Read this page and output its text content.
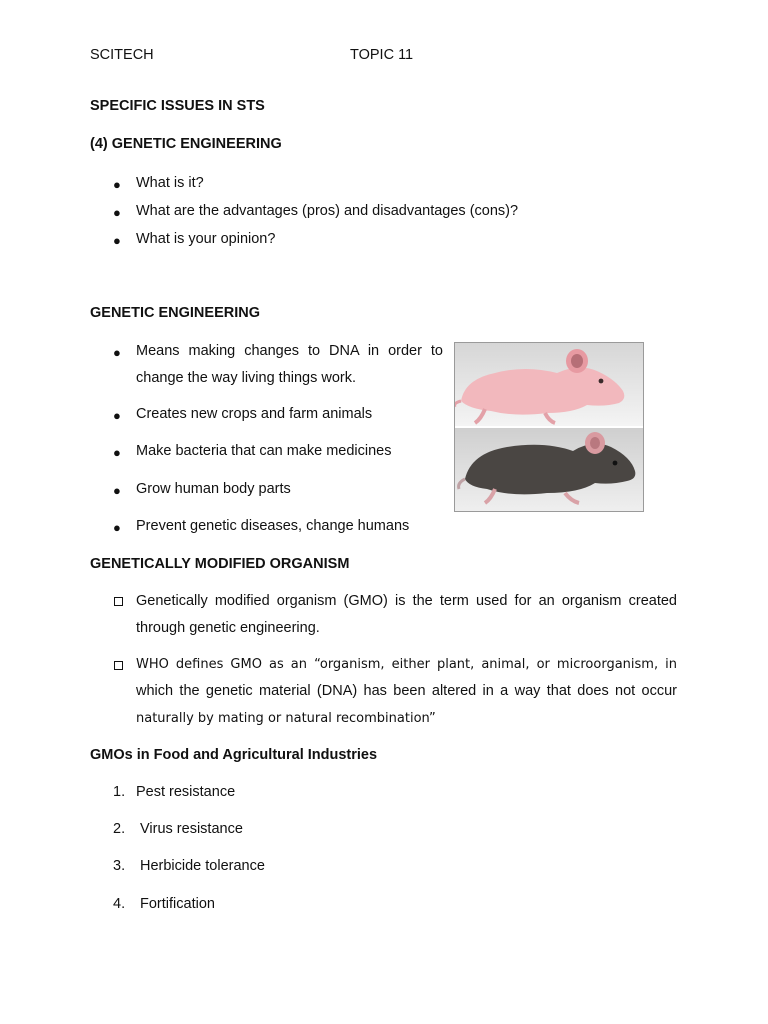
SCITECH	TOPIC 11
SPECIFIC ISSUES IN STS
(4) GENETIC ENGINEERING
● What is it?
● What are the advantages (pros) and disadvantages (cons)?
● What is your opinion?
GENETIC ENGINEERING
● Means making changes to DNA in order to
change the way living things work.
● Creates new crops and farm animals
● Make bacteria that can make medicines
● Grow human body parts
● Prevent genetic diseases, change humans
GENETICALLY MODIFIED ORGANISM
Genetically modified organism (GMO) is the term used for an organism created
through genetic engineering.
WHO defines GMO as an “organism, either plant, animal, or microorganism, in
which the genetic material (DNA) has been altered in a way that does not occur
naturally by mating or natural recombination”
GMOs in Food and Agricultural Industries
1. Pest resistance
2. Virus resistance
3. Herbicide tolerance
4. Fortification
